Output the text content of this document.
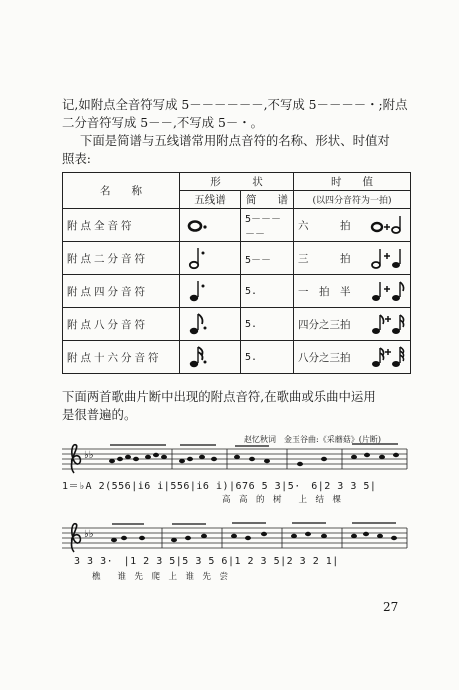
记,如附点全音符写成 5－－－－－－,不写成 5－－－－・;附点
二分音符写成 5－－,不写成 5－・。
下面是简谱与五线谱常用附点音符的名称、形状、时值对
照表:
名　　称	形　　　状		时　　值
	五线谱	简　　谱	(以四分音符为一拍)
附点全音符		5－－－－－	六　　　拍

附点二分音符		5－－	三　　　拍

附点四分音符		5.	一　拍　半

附点八分音符		5.	四分之三拍

附点十六分音符		5.	八分之三拍
下面两首歌曲片断中出现的附点音符,在歌曲或乐曲中运用
是很普遍的。
赵忆秋词　金玉谷曲:《采蘑菇》(片断)
♭♭
1＝♭A 2(556|i6 i|556|i6 i)|676 5 3|5·　6|2 3 3 5|
高　高　的　树　　上　结　棵
♭♭
3 3 3·　|1 2 3 5|5 3 5 6|1 2 3 5|2 3 2 1|
樵　　谁　先　爬　上　谁　先　尝
27
